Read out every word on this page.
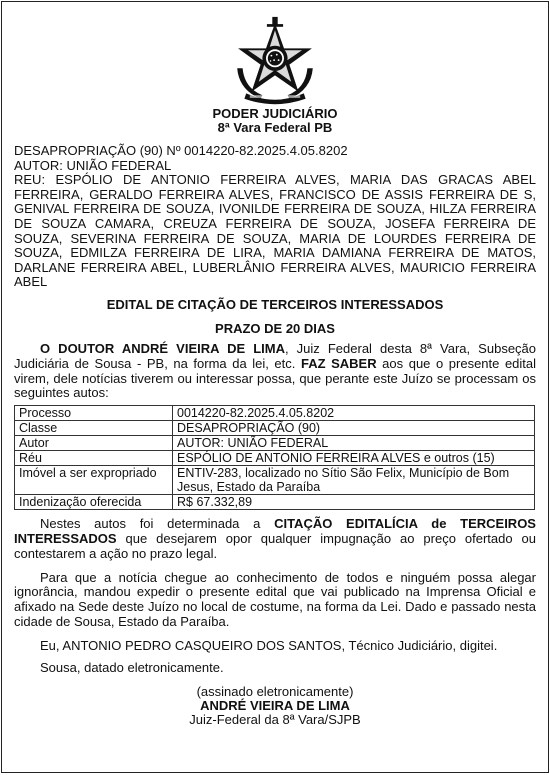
PODER JUDICIÁRIO
8ª Vara Federal PB
DESAPROPRIAÇÃO (90) Nº 0014220-82.2025.4.05.8202
AUTOR: UNIÃO FEDERAL
REU: ESPÓLIO DE ANTONIO FERREIRA ALVES, MARIA DAS GRACAS ABEL FERREIRA, GERALDO FERREIRA ALVES, FRANCISCO DE ASSIS FERREIRA DE S, GENIVAL FERREIRA DE SOUZA, IVONILDE FERREIRA DE SOUZA, HILZA FERREIRA DE SOUZA CAMARA, CREUZA FERREIRA DE SOUZA, JOSEFA FERREIRA DE SOUZA, SEVERINA FERREIRA DE SOUZA, MARIA DE LOURDES FERREIRA DE SOUZA, EDMILZA FERREIRA DE LIRA, MARIA DAMIANA FERREIRA DE MATOS, DARLANE FERREIRA ABEL, LUBERLÂNIO FERREIRA ALVES, MAURICIO FERREIRA ABEL
EDITAL DE CITAÇÃO DE TERCEIROS INTERESSADOS
PRAZO DE 20 DIAS

O DOUTOR ANDRÉ VIEIRA DE LIMA, Juiz Federal desta 8ª Vara, Subseção Judiciária de Sousa - PB, na forma da lei, etc. FAZ SABER aos que o presente edital virem, dele notícias tiverem ou interessar possa, que perante este Juízo se processam os seguintes autos:

Processo	0014220-82.2025.4.05.8202
Classe	DESAPROPRIAÇÃO (90)
Autor	AUTOR: UNIÃO FEDERAL
Réu	ESPÓLIO DE ANTONIO FERREIRA ALVES e outros (15)
Imóvel a ser expropriado	ENTIV-283, localizado no Sítio São Felix, Município de Bom Jesus, Estado da Paraíba
Indenização oferecida	R$ 67.332,89

Nestes autos foi determinada a CITAÇÃO EDITALÍCIA de TERCEIROS INTERESSADOS que desejarem opor qualquer impugnação ao preço ofertado ou contestarem a ação no prazo legal.

Para que a notícia chegue ao conhecimento de todos e ninguém possa alegar ignorância, mandou expedir o presente edital que vai publicado na Imprensa Oficial e afixado na Sede deste Juízo no local de costume, na forma da Lei. Dado e passado nesta cidade de Sousa, Estado da Paraíba.

Eu, ANTONIO PEDRO CASQUEIRO DOS SANTOS, Técnico Judiciário, digitei.

Sousa, datado eletronicamente.

(assinado eletronicamente)
ANDRÉ VIEIRA DE LIMA
Juiz-Federal da 8ª Vara/SJPB
